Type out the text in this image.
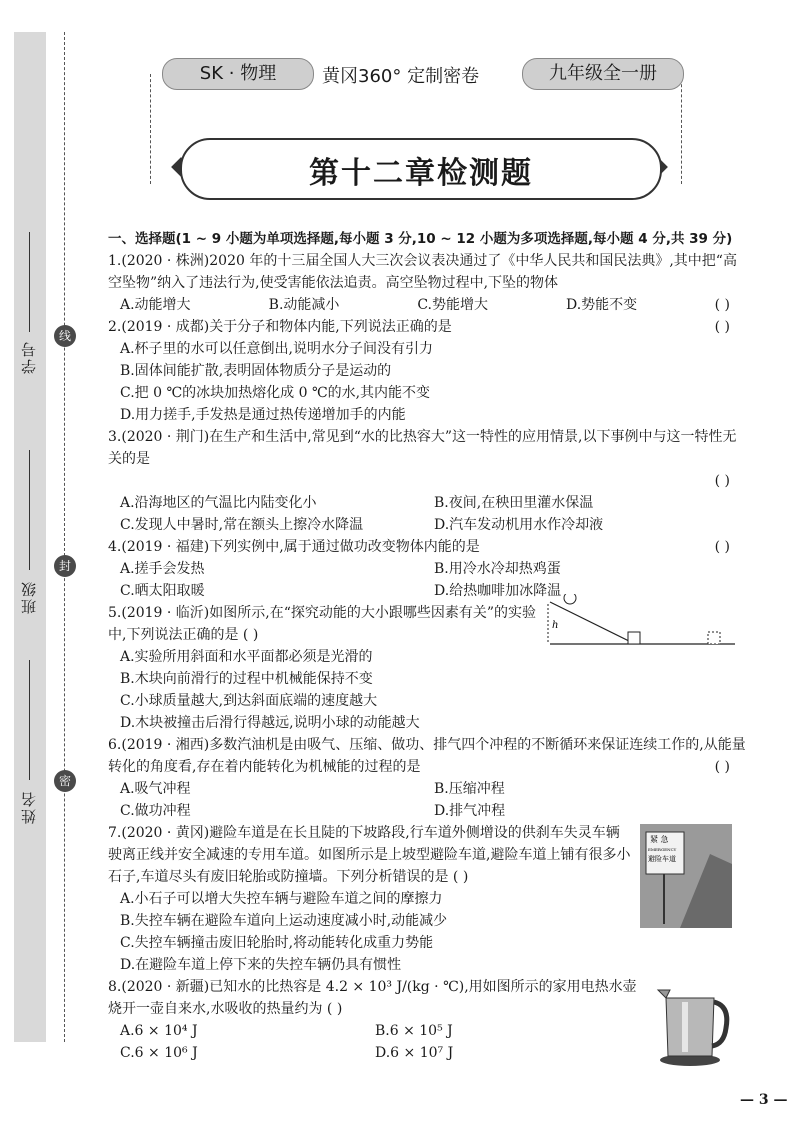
学号
班级
姓名
线
封
密
SK · 物理	黄冈360° 定制密卷	九年级全一册
第十二章检测题
一、选择题(1 ~ 9 小题为单项选择题,每小题 3 分,10 ~ 12 小题为多项选择题,每小题 4 分,共 39 分)
1.(2020 · 株洲)2020 年的十三届全国人大三次会议表决通过了《中华人民共和国民法典》,其中把“高空坠物”纳入了违法行为,使受害能依法追责。高空坠物过程中,下坠的物体
A.动能增大	B.动能减小	C.势能增大	D.势能不变	( )
( )
2.(2019 · 成都)关于分子和物体内能,下列说法正确的是
A.杯子里的水可以任意倒出,说明水分子间没有引力
B.固体间能扩散,表明固体物质分子是运动的
C.把 0 ℃的冰块加热熔化成 0 ℃的水,其内能不变
D.用力搓手,手发热是通过热传递增加手的内能
3.(2020 · 荆门)在生产和生活中,常见到“水的比热容大”这一特性的应用情景,以下事例中与这一特性无关的是
( )
A.沿海地区的气温比内陆变化小	B.夜间,在秧田里灌水保温
C.发现人中暑时,常在额头上擦冷水降温	D.汽车发动机用水作冷却液
( )
4.(2019 · 福建)下列实例中,属于通过做功改变物体内能的是
A.搓手会发热	B.用冷水冷却热鸡蛋
C.晒太阳取暖	D.给热咖啡加冰降温
5.(2019 · 临沂)如图所示,在“探究动能的大小跟哪些因素有关”的实验中,下列说法正确的是 ( )
A.实验所用斜面和水平面都必须是光滑的
B.木块向前滑行的过程中机械能保持不变
C.小球质量越大,到达斜面底端的速度越大
D.木块被撞击后滑行得越远,说明小球的动能越大
h
6.(2019 · 湘西)多数汽油机是由吸气、压缩、做功、排气四个冲程的不断循环来保证连续工作的,从能量转化的角度看,存在着内能转化为机械能的过程的是	( )
A.吸气冲程	B.压缩冲程
C.做功冲程	D.排气冲程
7.(2020 · 黄冈)避险车道是在长且陡的下坡路段,行车道外侧增设的供刹车失灵车辆驶离正线并安全减速的专用车道。如图所示是上坡型避险车道,避险车道上铺有很多小石子,车道尽头有废旧轮胎或防撞墙。下列分析错误的是 ( )
A.小石子可以增大失控车辆与避险车道之间的摩擦力
B.失控车辆在避险车道向上运动速度减小时,动能减少
C.失控车辆撞击废旧轮胎时,将动能转化成重力势能
D.在避险车道上停下来的失控车辆仍具有惯性
紧 急
EMERGENCY
避险车道
8.(2020 · 新疆)已知水的比热容是 4.2 × 10³ J/(kg · ℃),用如图所示的家用电热水壶烧开一壶自来水,水吸收的热量约为 ( )
A.6 × 10⁴ J	B.6 × 10⁵ J
C.6 × 10⁶ J	D.6 × 10⁷ J
— 3 —
